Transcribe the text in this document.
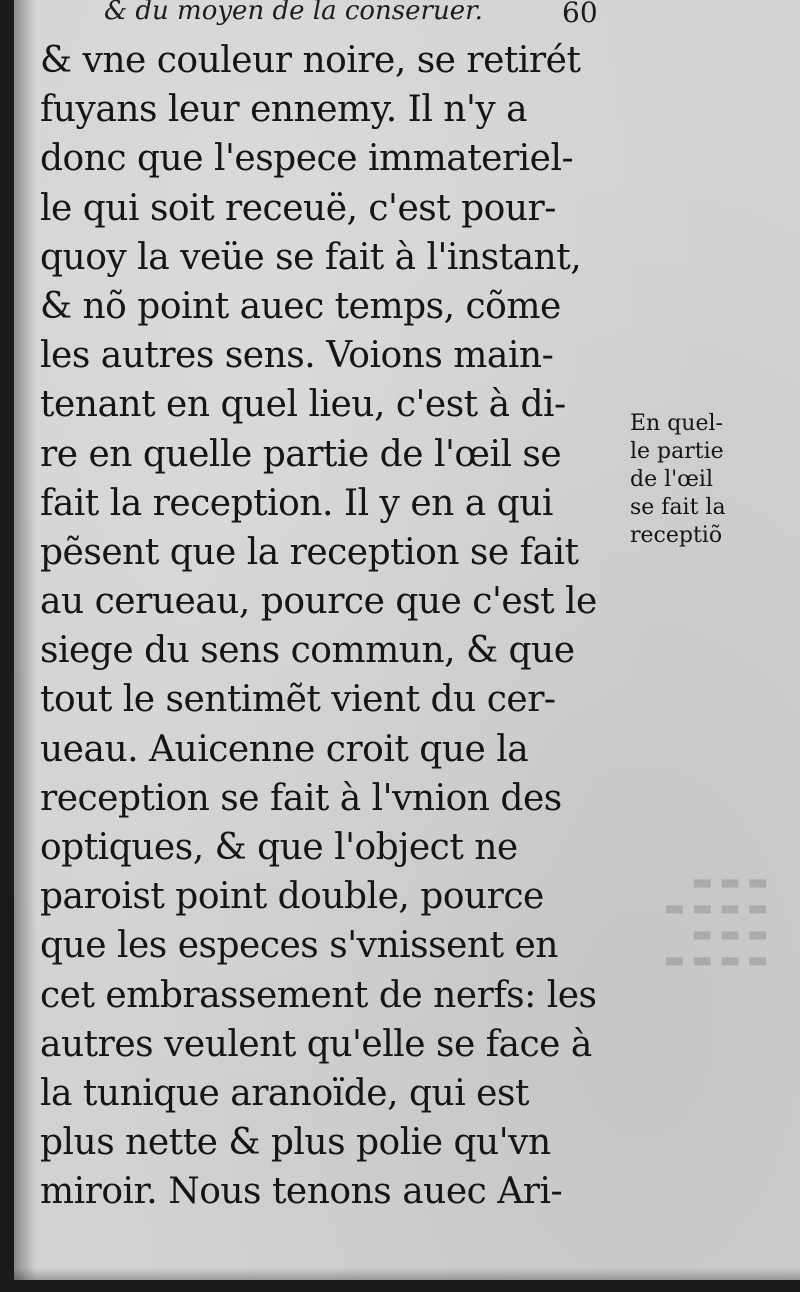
& du moyen de la conseruer.	60
▬ ▬ ▬
▬ ▬ ▬ ▬
▬ ▬ ▬
▬ ▬ ▬ ▬
& vne couleur noire, se retirét
fuyans leur ennemy. Il n'y a
donc que l'espece immateriel-
le qui soit receuë, c'est pour-
quoy la veüe se fait à l'instant,
& nõ point auec temps, cõme
les autres sens. Voions main-
tenant en quel lieu, c'est à di-
re en quelle partie de l'œil se
fait la reception. Il y en a qui
pẽsent que la reception se fait
au cerueau, pource que c'est le
siege du sens commun, & que
tout le sentimẽt vient du cer-
ueau. Auicenne croit que la
reception se fait à l'vnion des
optiques, & que l'object ne
paroist point double, pource
que les especes s'vnissent en
cet embrassement de nerfs: les
autres veulent qu'elle se face à
la tunique aranoïde, qui est
plus nette & plus polie qu'vn
miroir. Nous tenons auec Ari-
En quel-
le partie
de l'œil
se fait la
receptiõ
